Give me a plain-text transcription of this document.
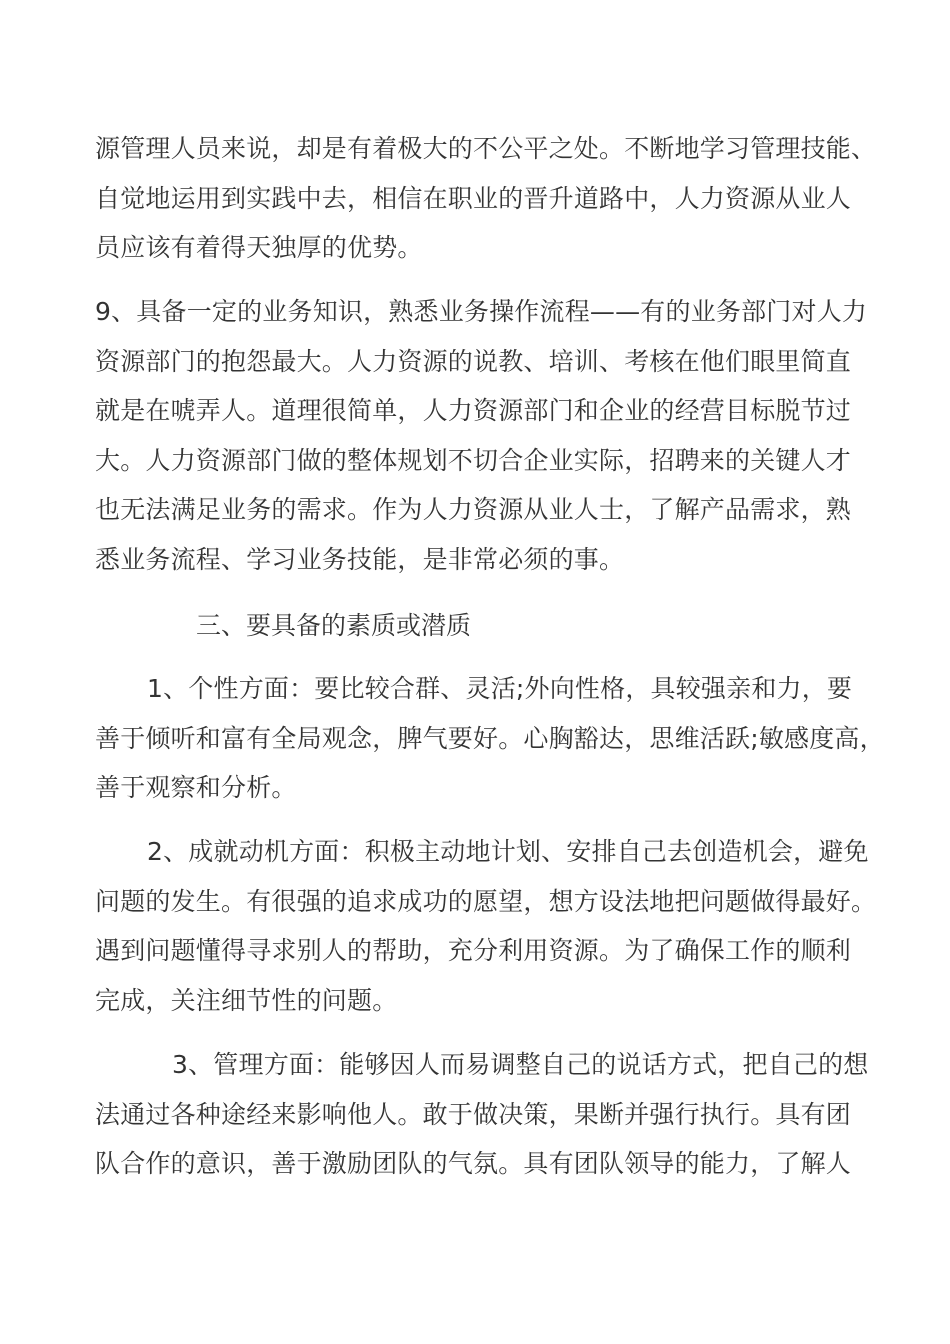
源管理人员来说，却是有着极大的不公平之处。不断地学习管理技能、
自觉地运用到实践中去，相信在职业的晋升道路中，人力资源从业人
员应该有着得天独厚的优势。

9、具备一定的业务知识，熟悉业务操作流程——有的业务部门对人力
资源部门的抱怨最大。人力资源的说教、培训、考核在他们眼里简直
就是在唬弄人。道理很简单，人力资源部门和企业的经营目标脱节过
大。人力资源部门做的整体规划不切合企业实际，招聘来的关键人才
也无法满足业务的需求。作为人力资源从业人士，了解产品需求，熟
悉业务流程、学习业务技能，是非常必须的事。

三、要具备的素质或潜质

1、个性方面：要比较合群、灵活;外向性格，具较强亲和力，要
善于倾听和富有全局观念，脾气要好。心胸豁达，思维活跃;敏感度高，
善于观察和分析。

2、成就动机方面：积极主动地计划、安排自己去创造机会，避免
问题的发生。有很强的追求成功的愿望，想方设法地把问题做得最好。
遇到问题懂得寻求别人的帮助，充分利用资源。为了确保工作的顺利
完成，关注细节性的问题。

3、管理方面：能够因人而易调整自己的说话方式，把自己的想
法通过各种途经来影响他人。敢于做决策，果断并强行执行。具有团
队合作的意识，善于激励团队的气氛。具有团队领导的能力，了解人
